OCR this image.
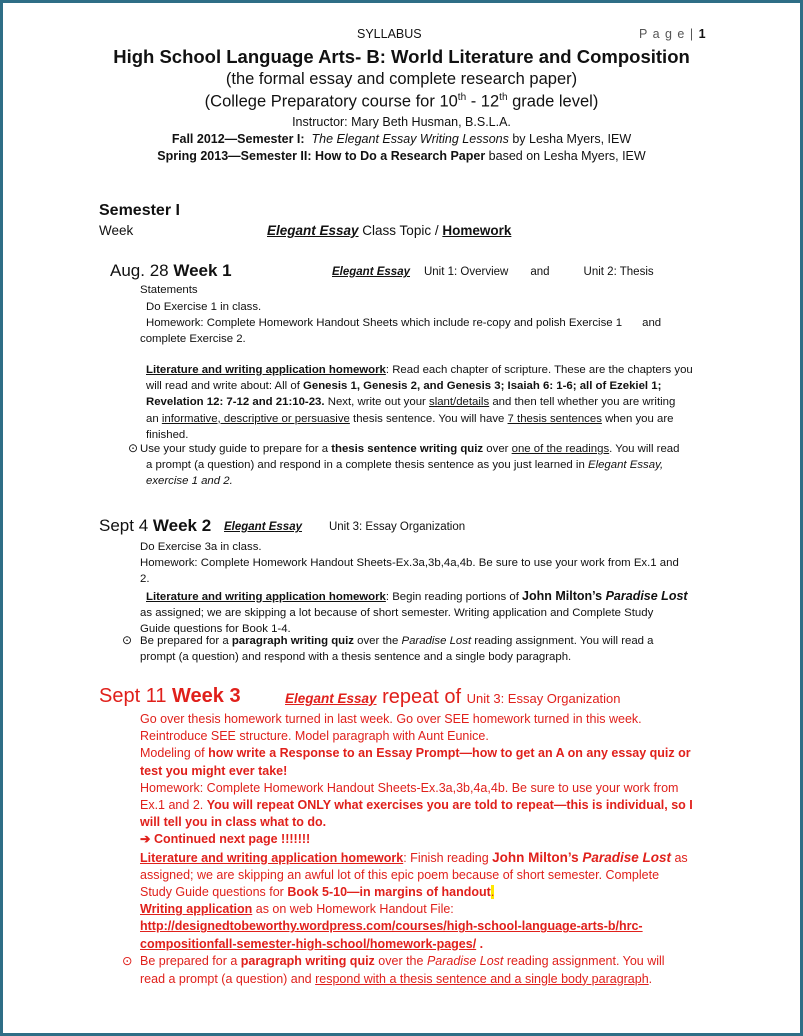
SYLLABUS	P a g e | 1
High School Language Arts- B: World Literature and Composition
(the formal essay and complete research paper)
(College Preparatory course for 10th - 12th grade level)
Instructor: Mary Beth Husman, B.S.L.A.
Fall 2012—Semester I: The Elegant Essay Writing Lessons by Lesha Myers, IEW
Spring 2013—Semester II: How to Do a Research Paper based on Lesha Myers, IEW
Semester I
Week	Elegant Essay Class Topic / Homework
Aug. 28 Week 1	Elegant Essay Unit 1: Overview and	Unit 2: Thesis
Statements
Do Exercise 1 in class.
Homework: Complete Homework Handout Sheets which include re-copy and polish Exercise 1 and
complete Exercise 2.
Literature and writing application homework: Read each chapter of scripture. These are the chapters you
will read and write about: All of Genesis 1, Genesis 2, and Genesis 3; Isaiah 6: 1-6; all of Ezekiel 1;
Revelation 12: 7-12 and 21:10-23. Next, write out your slant/details and then tell whether you are writing
an informative, descriptive or persuasive thesis sentence. You will have 7 thesis sentences when you are
finished.
⊙ Use your study guide to prepare for a thesis sentence writing quiz over one of the readings. You will read
a prompt (a question) and respond in a complete thesis sentence as you just learned in Elegant Essay,
exercise 1 and 2.
Sept 4 Week 2 Elegant Essay Unit 3: Essay Organization
Do Exercise 3a in class.
Homework: Complete Homework Handout Sheets-Ex.3a,3b,4a,4b. Be sure to use your work from Ex.1 and
2.
Literature and writing application homework: Begin reading portions of John Milton’s Paradise Lost
as assigned; we are skipping a lot because of short semester. Writing application and Complete Study
Guide questions for Book 1-4.
⊙ Be prepared for a paragraph writing quiz over the Paradise Lost reading assignment. You will read a
prompt (a question) and respond with a thesis sentence and a single body paragraph.
Sept 11 Week 3	Elegant Essay repeat of Unit 3: Essay Organization
Go over thesis homework turned in last week. Go over SEE homework turned in this week.
Reintroduce SEE structure. Model paragraph with Aunt Eunice.
Modeling of how write a Response to an Essay Prompt—how to get an A on any essay quiz or
test you might ever take!
Homework: Complete Homework Handout Sheets-Ex.3a,3b,4a,4b. Be sure to use your work from
Ex.1 and 2. You will repeat ONLY what exercises you are told to repeat—this is individual, so I
will tell you in class what to do.
➔ Continued next page !!!!!!!
Literature and writing application homework: Finish reading John Milton’s Paradise Lost as
assigned; we are skipping an awful lot of this epic poem because of short semester. Complete
Study Guide questions for Book 5-10—in margins of handout.
Writing application as on web Homework Handout File:
http://designedtobeworthy.wordpress.com/courses/high-school-language-arts-b/hrc-
compositionfall-semester-high-school/homework-pages/ .
⊙ Be prepared for a paragraph writing quiz over the Paradise Lost reading assignment. You will
read a prompt (a question) and respond with a thesis sentence and a single body paragraph.
